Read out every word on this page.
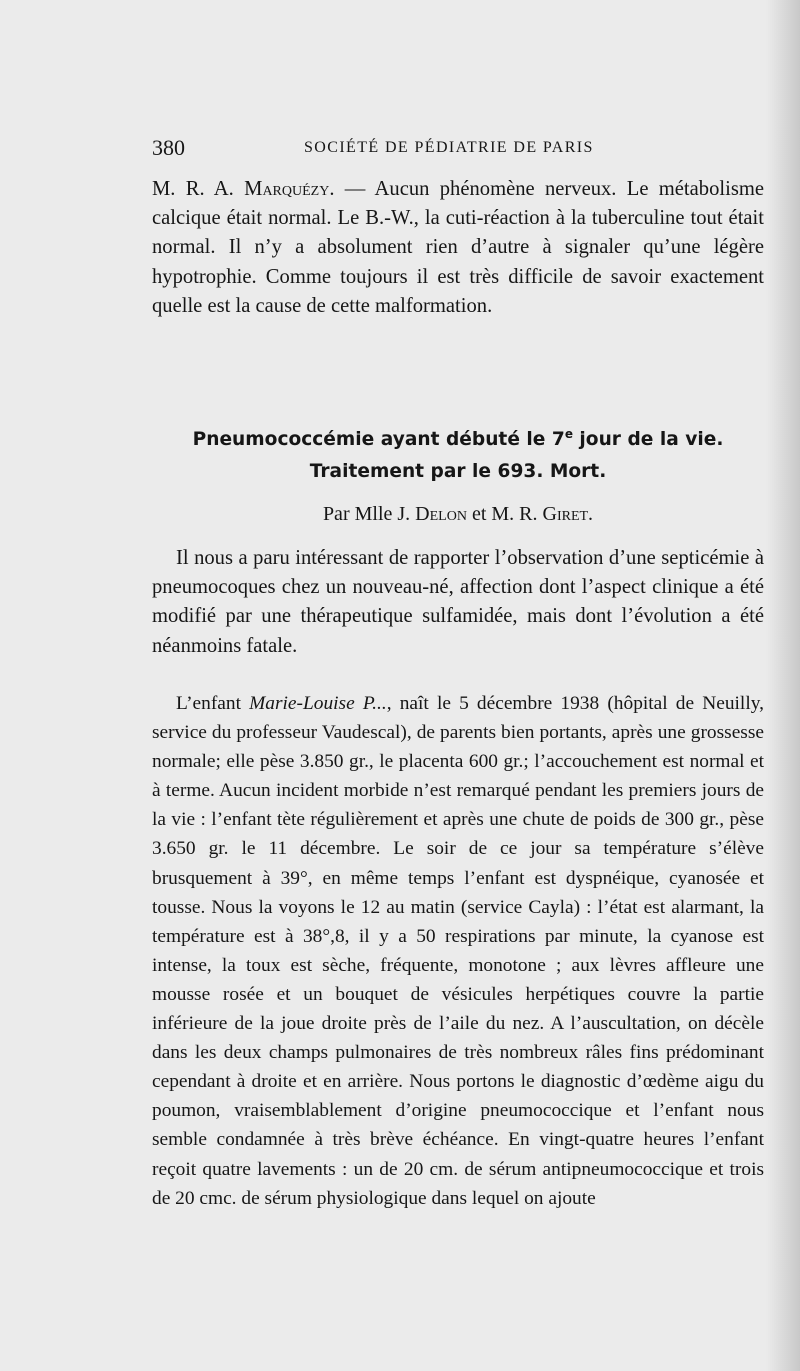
380	SOCIÉTÉ DE PÉDIATRIE DE PARIS

M. R. A. Marquézy. — Aucun phénomène nerveux. Le métabolisme calcique était normal. Le B.-W., la cuti-réaction à la tuberculine tout était normal. Il n’y a absolument rien d’autre à signaler qu’une légère hypotrophie. Comme toujours il est très difficile de savoir exactement quelle est la cause de cette malformation.

Pneumococcémie ayant débuté le 7e jour de la vie.
Traitement par le 693. Mort.
Par Mlle J. Delon et M. R. Giret.

Il nous a paru intéressant de rapporter l’observation d’une septicémie à pneumocoques chez un nouveau-né, affection dont l’aspect clinique a été modifié par une thérapeutique sulfamidée, mais dont l’évolution a été néanmoins fatale.

L’enfant Marie-Louise P..., naît le 5 décembre 1938 (hôpital de Neuilly, service du professeur Vaudescal), de parents bien portants, après une grossesse normale; elle pèse 3.850 gr., le placenta 600 gr.; l’accouchement est normal et à terme. Aucun incident morbide n’est remarqué pendant les premiers jours de la vie : l’enfant tète régulièrement et après une chute de poids de 300 gr., pèse 3.650 gr. le 11 décembre. Le soir de ce jour sa température s’élève brusquement à 39°, en même temps l’enfant est dyspnéique, cyanosée et tousse. Nous la voyons le 12 au matin (service Cayla) : l’état est alarmant, la température est à 38°,8, il y a 50 respirations par minute, la cyanose est intense, la toux est sèche, fréquente, monotone ; aux lèvres affleure une mousse rosée et un bouquet de vésicules herpétiques couvre la partie inférieure de la joue droite près de l’aile du nez. A l’auscultation, on décèle dans les deux champs pulmonaires de très nombreux râles fins prédominant cependant à droite et en arrière. Nous portons le diagnostic d’œdème aigu du poumon, vraisemblablement d’origine pneumococcique et l’enfant nous semble condamnée à très brève échéance. En vingt-quatre heures l’enfant reçoit quatre lavements : un de 20 cm. de sérum antipneumococcique et trois de 20 cmc. de sérum physiologique dans lequel on ajoute
